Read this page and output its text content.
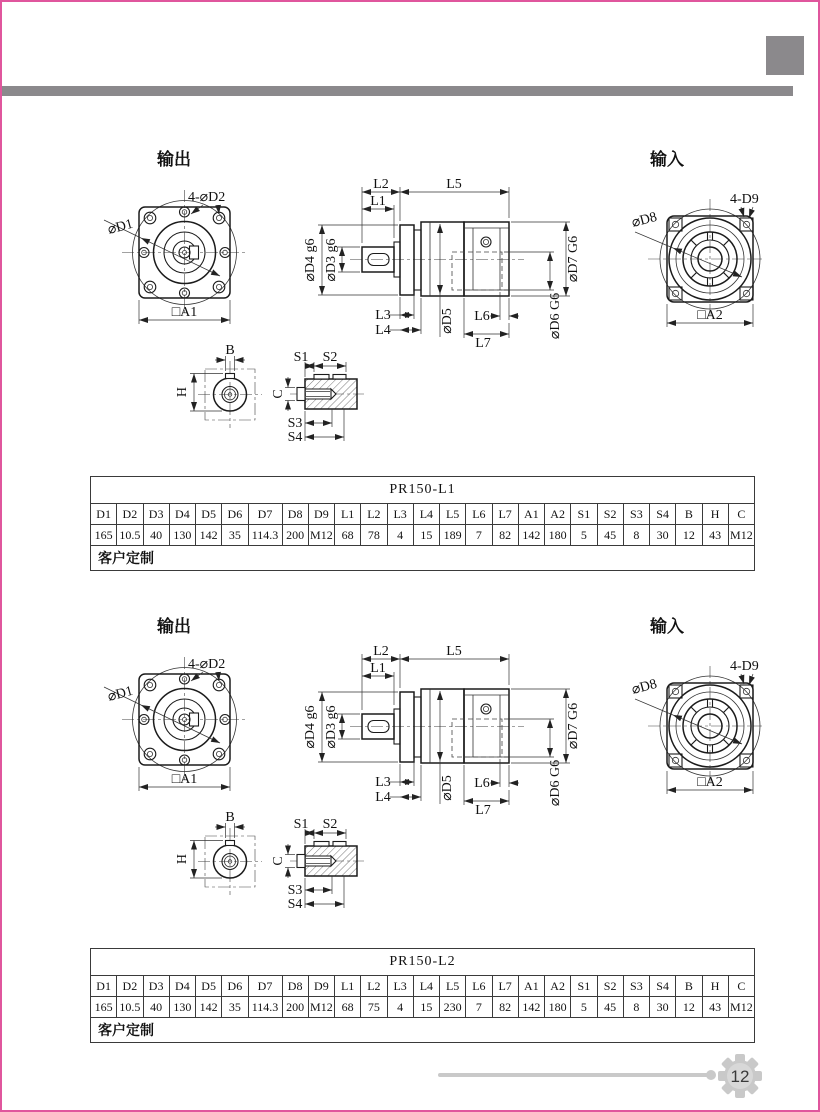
输出	输入
⌀D1
4-⌀D2
□A1
L2	L5
L1
⌀D4 g6 ⌀D3 g6	⌀D7 G6
⌀D6 G6
L3
L4	⌀D5 L6
L7
⌀D8
4-D9
□A2
B
H	C
S1 S2
S3
S4
PR150-L1																								
D1	D2	D3	D4	D5	D6	D7	D8	D9	L1	L2	L3	L4	L5	L6	L7	A1	A2	S1	S2	S3	S4	B	H	C
165	10.5	40	130	142	35	114.3	200	M12	68	78	4	15	189	7	82	142	180	5	45	8	30	12	43	M12
客户定制																								
输出	输入
⌀D1
4-⌀D2
□A1
L2	L5
L1
⌀D4 g6 ⌀D3 g6	⌀D7 G6
⌀D6 G6
L3
L4	⌀D5 L6
L7
⌀D8
4-D9
□A2
B
H	C
S1 S2
S3
S4
PR150-L2																								
D1	D2	D3	D4	D5	D6	D7	D8	D9	L1	L2	L3	L4	L5	L6	L7	A1	A2	S1	S2	S3	S4	B	H	C
165	10.5	40	130	142	35	114.3	200	M12	68	75	4	15	230	7	82	142	180	5	45	8	30	12	43	M12
客户定制																								
12
